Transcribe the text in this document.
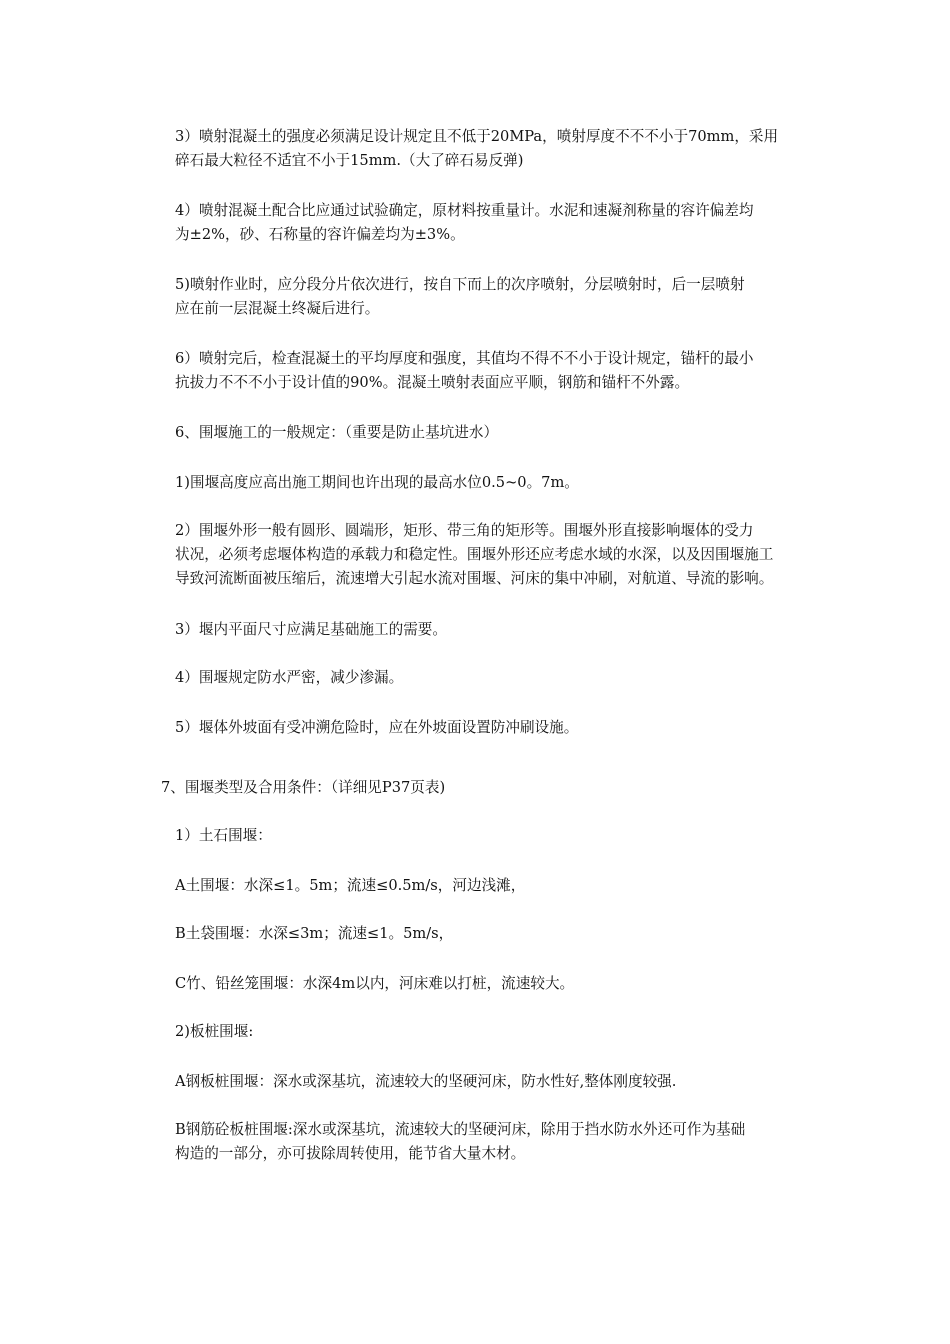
3）喷射混凝土的强度必须满足设计规定且不低于20MPa，喷射厚度不不不小于70mm，采用
碎石最大粒径不适宜不小于15mm.（大了碎石易反弹)

4）喷射混凝土配合比应通过试验确定，原材料按重量计。水泥和速凝剂称量的容许偏差均
为±2%，砂、石称量的容许偏差均为±3%。

5)喷射作业时，应分段分片依次进行，按自下而上的次序喷射，分层喷射时，后一层喷射
应在前一层混凝土终凝后进行。

6）喷射完后，检查混凝土的平均厚度和强度，其值均不得不不小于设计规定，锚杆的最小
抗拔力不不不小于设计值的90%。混凝土喷射表面应平顺，钢筋和锚杆不外露。

6、围堰施工的一般规定：（重要是防止基坑进水）

1)围堰高度应高出施工期间也许出现的最高水位0.5~0。7m。

2）围堰外形一般有圆形、圆端形，矩形、带三角的矩形等。围堰外形直接影响堰体的受力
状况，必须考虑堰体构造的承载力和稳定性。围堰外形还应考虑水域的水深，以及因围堰施工
导致河流断面被压缩后，流速增大引起水流对围堰、河床的集中冲刷，对航道、导流的影响。

3）堰内平面尺寸应满足基础施工的需要。

4）围堰规定防水严密，减少渗漏。

5）堰体外坡面有受冲溯危险时，应在外坡面设置防冲刷设施。

7、围堰类型及合用条件：（详细见P37页表)

1）土石围堰：

A土围堰：水深≤1。5m；流速≤0.5m/s，河边浅滩，

B土袋围堰：水深≤3m；流速≤1。5m/s，

C竹、铅丝笼围堰：水深4m以内，河床难以打桩，流速较大。

2)板桩围堰:

A钢板桩围堰：深水或深基坑，流速较大的坚硬河床，防水性好,整体刚度较强.

B钢筋砼板桩围堰:深水或深基坑，流速较大的坚硬河床，除用于挡水防水外还可作为基础
构造的一部分，亦可拔除周转使用，能节省大量木材。
